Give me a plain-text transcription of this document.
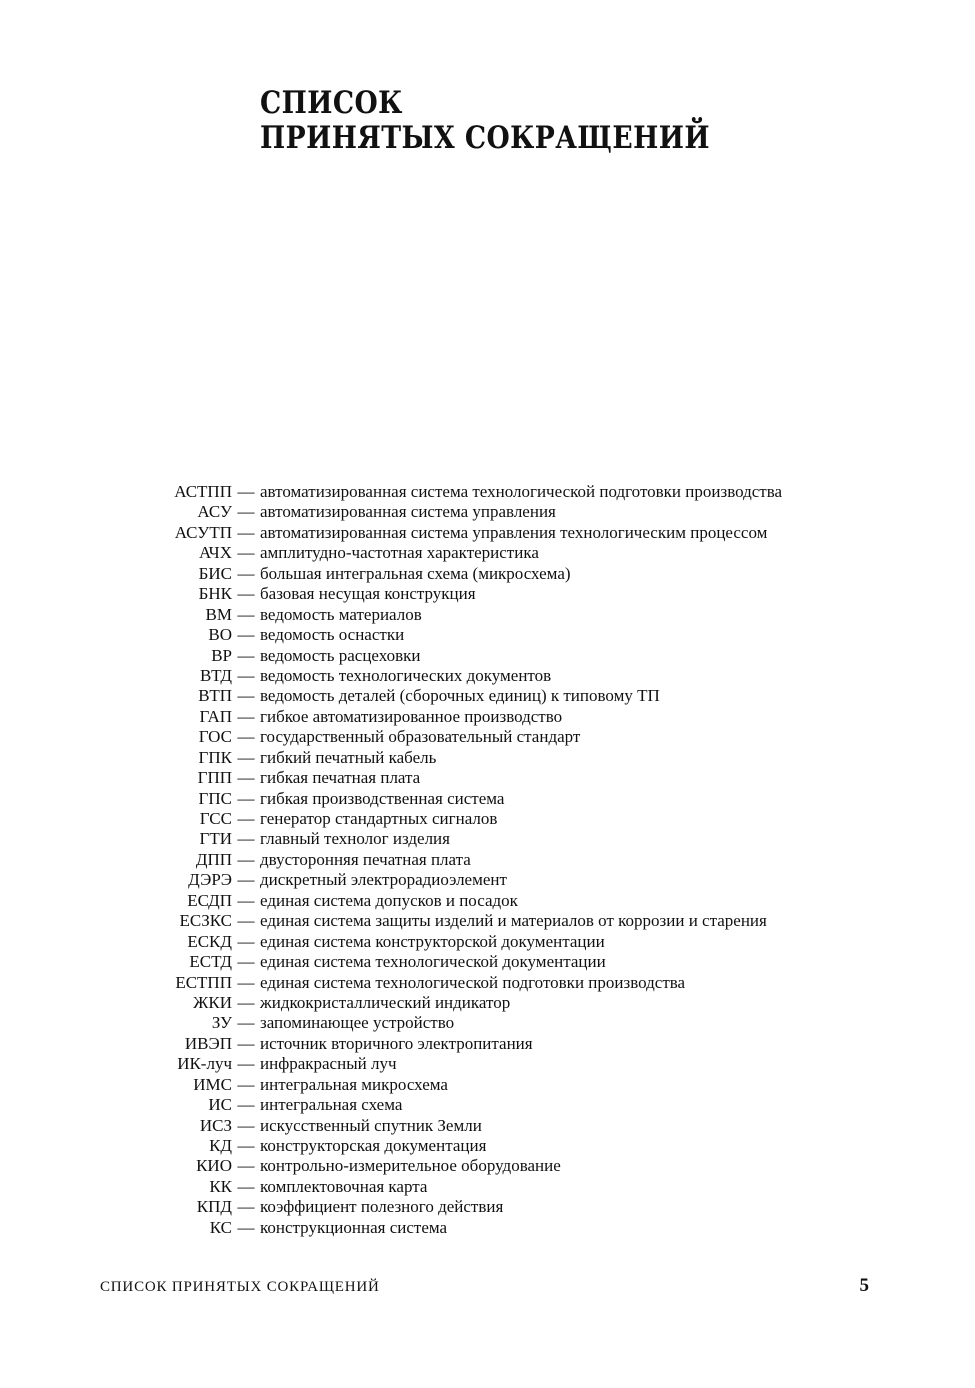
СПИСОК
ПРИНЯТЫХ СОКРАЩЕНИЙ
АСТПП — автоматизированная система технологической подготовки производства
АСУ — автоматизированная система управления
АСУТП — автоматизированная система управления технологическим процессом
АЧХ — амплитудно-частотная характеристика
БИС — большая интегральная схема (микросхема)
БНК — базовая несущая конструкция
ВМ — ведомость материалов
ВО — ведомость оснастки
ВР — ведомость расцеховки
ВТД — ведомость технологических документов
ВТП — ведомость деталей (сборочных единиц) к типовому ТП
ГАП — гибкое автоматизированное производство
ГОС — государственный образовательный стандарт
ГПК — гибкий печатный кабель
ГПП — гибкая печатная плата
ГПС — гибкая производственная система
ГСС — генератор стандартных сигналов
ГТИ — главный технолог изделия
ДПП — двусторонняя печатная плата
ДЭРЭ — дискретный электрорадиоэлемент
ЕСДП — единая система допусков и посадок
ЕСЗКС — единая система защиты изделий и материалов от коррозии и старения
ЕСКД — единая система конструкторской документации
ЕСТД — единая система технологической документации
ЕСТПП — единая система технологической подготовки производства
ЖКИ — жидкокристаллический индикатор
ЗУ — запоминающее устройство
ИВЭП — источник вторичного электропитания
ИК-луч — инфракрасный луч
ИМС — интегральная микросхема
ИС — интегральная схема
ИСЗ — искусственный спутник Земли
КД — конструкторская документация
КИО — контрольно-измерительное оборудование
КК — комплектовочная карта
КПД — коэффициент полезного действия
КС — конструкционная система
СПИСОК ПРИНЯТЫХ СОКРАЩЕНИЙ	5
